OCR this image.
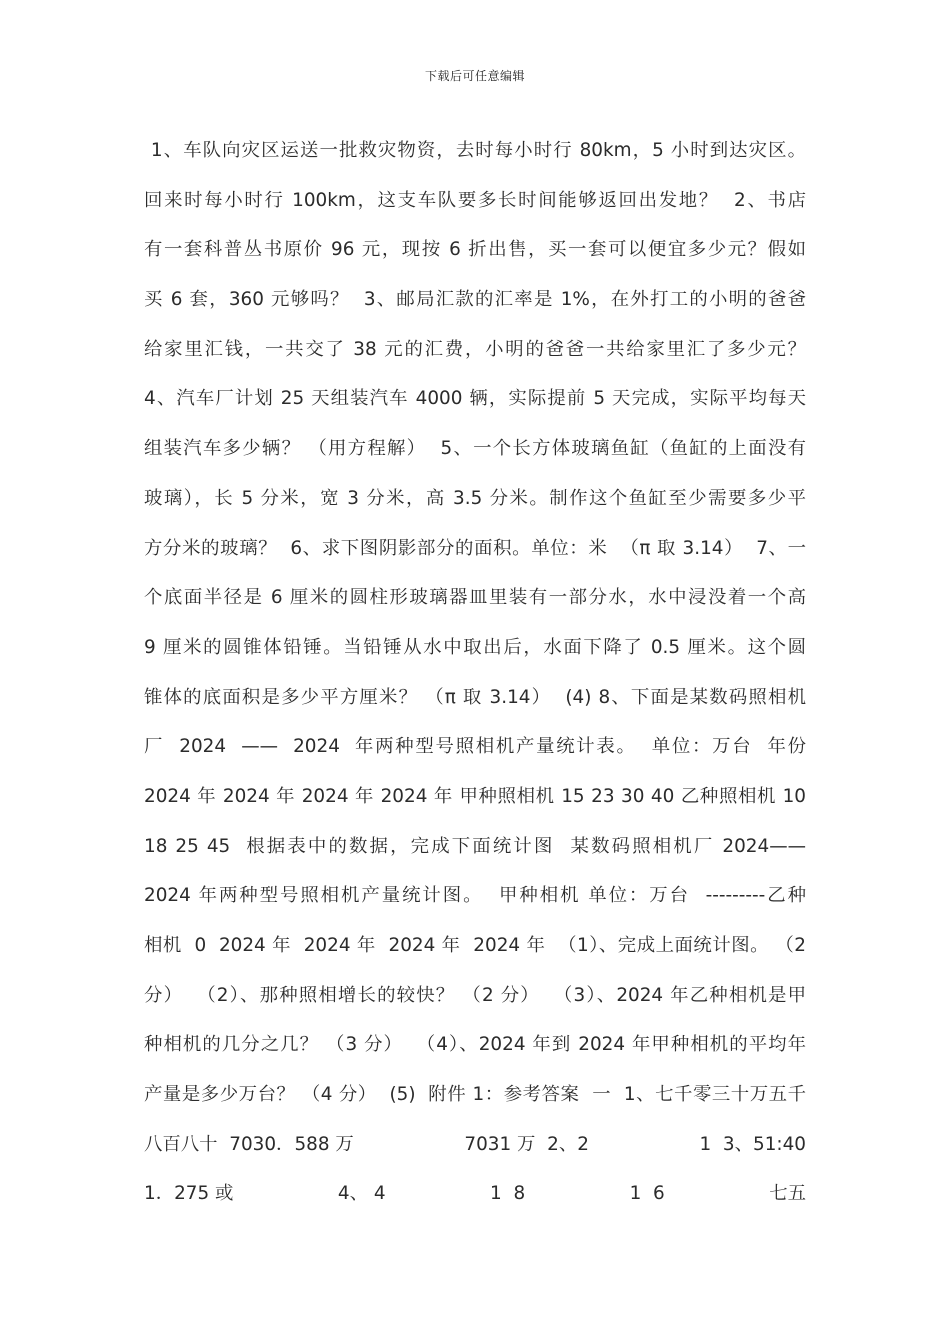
下载后可任意编辑
1、车队向灾区运送一批救灾物资，去时每小时行 80km，5 小时到达灾区。
回来时每小时行 100km，这支车队要多长时间能够返回出发地？  2、书店
有一套科普丛书原价 96 元，现按 6 折出售，买一套可以便宜多少元？假如
买 6 套，360 元够吗？  3、邮局汇款的汇率是 1%，在外打工的小明的爸爸
给家里汇钱，一共交了 38 元的汇费，小明的爸爸一共给家里汇了多少元？
4、汽车厂计划 25 天组装汽车 4000 辆，实际提前 5 天完成，实际平均每天
组装汽车多少辆？ （用方程解）  5、一个长方体玻璃鱼缸（鱼缸的上面没有
玻璃），长 5 分米，宽 3 分米，高 3.5 分米。制作这个鱼缸至少需要多少平
方分米的玻璃？  6、求下图阴影部分的面积。单位：米  （π 取 3.14）  7、一
个底面半径是 6 厘米的圆柱形玻璃器皿里装有一部分水，水中浸没着一个高
9 厘米的圆锥体铅锤。当铅锤从水中取出后，水面下降了 0.5 厘米。这个圆
锥体的底面积是多少平方厘米？ （π 取 3.14）  (4) 8、下面是某数码照相机
厂  2024  ——  2024  年两种型号照相机产量统计表。  单位：万台  年份
2024 年 2024 年 2024 年 2024 年 甲种照相机 15 23 30 40 乙种照相机 10
18 25 45  根据表中的数据，完成下面统计图  某数码照相机厂 2024——
2024 年两种型号照相机产量统计图。  甲种相机 单位：万台  ---------乙种
相机  0  2024 年  2024 年  2024 年  2024 年  （1）、完成上面统计图。 （2
分）  （2）、那种照相增长的较快？ （2 分）  （3）、2024 年乙种相机是甲
种相机的几分之几？ （3 分）  （4）、2024 年到 2024 年甲种相机的平均年
产量是多少万台？ （4 分）  (5)  附件 1：参考答案  一  1、七千零三十万五千
八百八十  7030．588 万	7031 万  2、2	1  3、51:40
1．275 或	4、 4	1  8	1  6	七五
